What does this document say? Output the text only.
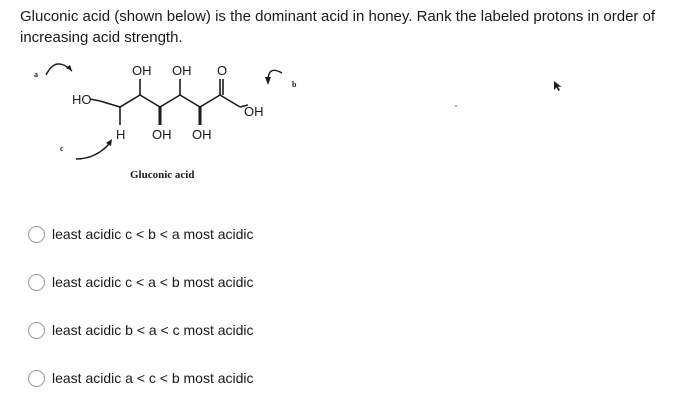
Gluconic acid (shown below) is the dominant acid in honey. Rank the labeled protons in order of increasing acid strength.
OH OH O
HO
OH
H OH OH
a
b
c
Gluconic acid
least acidic c < b < a most acidic
least acidic c < a < b most acidic
least acidic b < a < c most acidic
least acidic a < c < b most acidic
